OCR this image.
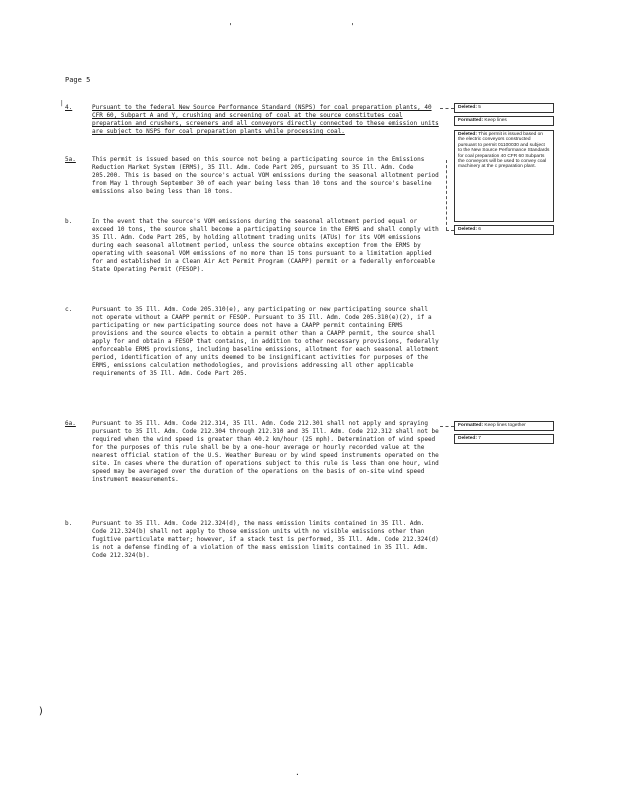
'	'
·
Page 5
|
4.	Pursuant to the federal New Source Performance Standard (NSPS) for coal preparation plants, 40 CFR 60, Subpart A and Y, crushing and screening of coal at the source constitutes coal preparation and crushers, screeners and all conveyors directly connected to these emission units are subject to NSPS for coal preparation plants while processing coal.
5a.	This permit is issued based on this source not being a participating source in the Emissions Reduction Market System (ERMS), 35 Ill. Adm. Code Part 205, pursuant to 35 Ill. Adm. Code 205.200. This is based on the source's actual VOM emissions during the seasonal allotment period from May 1 through September 30 of each year being less than 10 tons and the source's baseline emissions also being less than 10 tons.
b.	In the event that the source's VOM emissions during the seasonal allotment period equal or exceed 10 tons, the source shall become a participating source in the ERMS and shall comply with 35 Ill. Adm. Code Part 205, by holding allotment trading units (ATUs) for its VOM emissions during each seasonal allotment period, unless the source obtains exception from the ERMS by operating with seasonal VOM emissions of no more than 15 tons pursuant to a limitation applied for and established in a Clean Air Act Permit Program (CAAPP) permit or a federally enforceable State Operating Permit (FESOP).
c.	Pursuant to 35 Ill. Adm. Code 205.310(e), any participating or new participating source shall not operate without a CAAPP permit or FESOP. Pursuant to 35 Ill. Adm. Code 205.310(e)(2), if a participating or new participating source does not have a CAAPP permit containing ERMS provisions and the source elects to obtain a permit other than a CAAPP permit, the source shall apply for and obtain a FESOP that contains, in addition to other necessary provisions, federally enforceable ERMS provisions, including baseline emissions, allotment for each seasonal allotment period, identification of any units deemed to be insignificant activities for purposes of the ERMS, emissions calculation methodologies, and provisions addressing all other applicable requirements of 35 Ill. Adm. Code Part 205.
6a.	Pursuant to 35 Ill. Adm. Code 212.314, 35 Ill. Adm. Code 212.301 shall not apply and spraying pursuant to 35 Ill. Adm. Code 212.304 through 212.310 and 35 Ill. Adm. Code 212.312 shall not be required when the wind speed is greater than 40.2 km/hour (25 mph). Determination of wind speed for the purposes of this rule shall be by a one-hour average or hourly recorded value at the nearest official station of the U.S. Weather Bureau or by wind speed instruments operated on the site. In cases where the duration of operations subject to this rule is less than one hour, wind speed may be averaged over the duration of the operations on the basis of on-site wind speed instrument measurements.
b.	Pursuant to 35 Ill. Adm. Code 212.324(d), the mass emission limits contained in 35 Ill. Adm. Code 212.324(b) shall not apply to those emission units with no visible emissions other than fugitive particulate matter; however, if a stack test is performed, 35 Ill. Adm. Code 212.324(d) is not a defense finding of a violation of the mass emission limits contained in 35 Ill. Adm. Code 212.324(b).
Deleted: 5
Formatted: Keep lines
Deleted: This permit is issued based on the electric conveyors constructed pursuant to permit 01100030 and subject to the New Source Performance Standards for coal preparation 40 CFR 60 Subparts the conveyors will be used to convey coal machinery at the c preparation plant.
Deleted: 6
Formatted: Keep lines together
Deleted: 7
)
